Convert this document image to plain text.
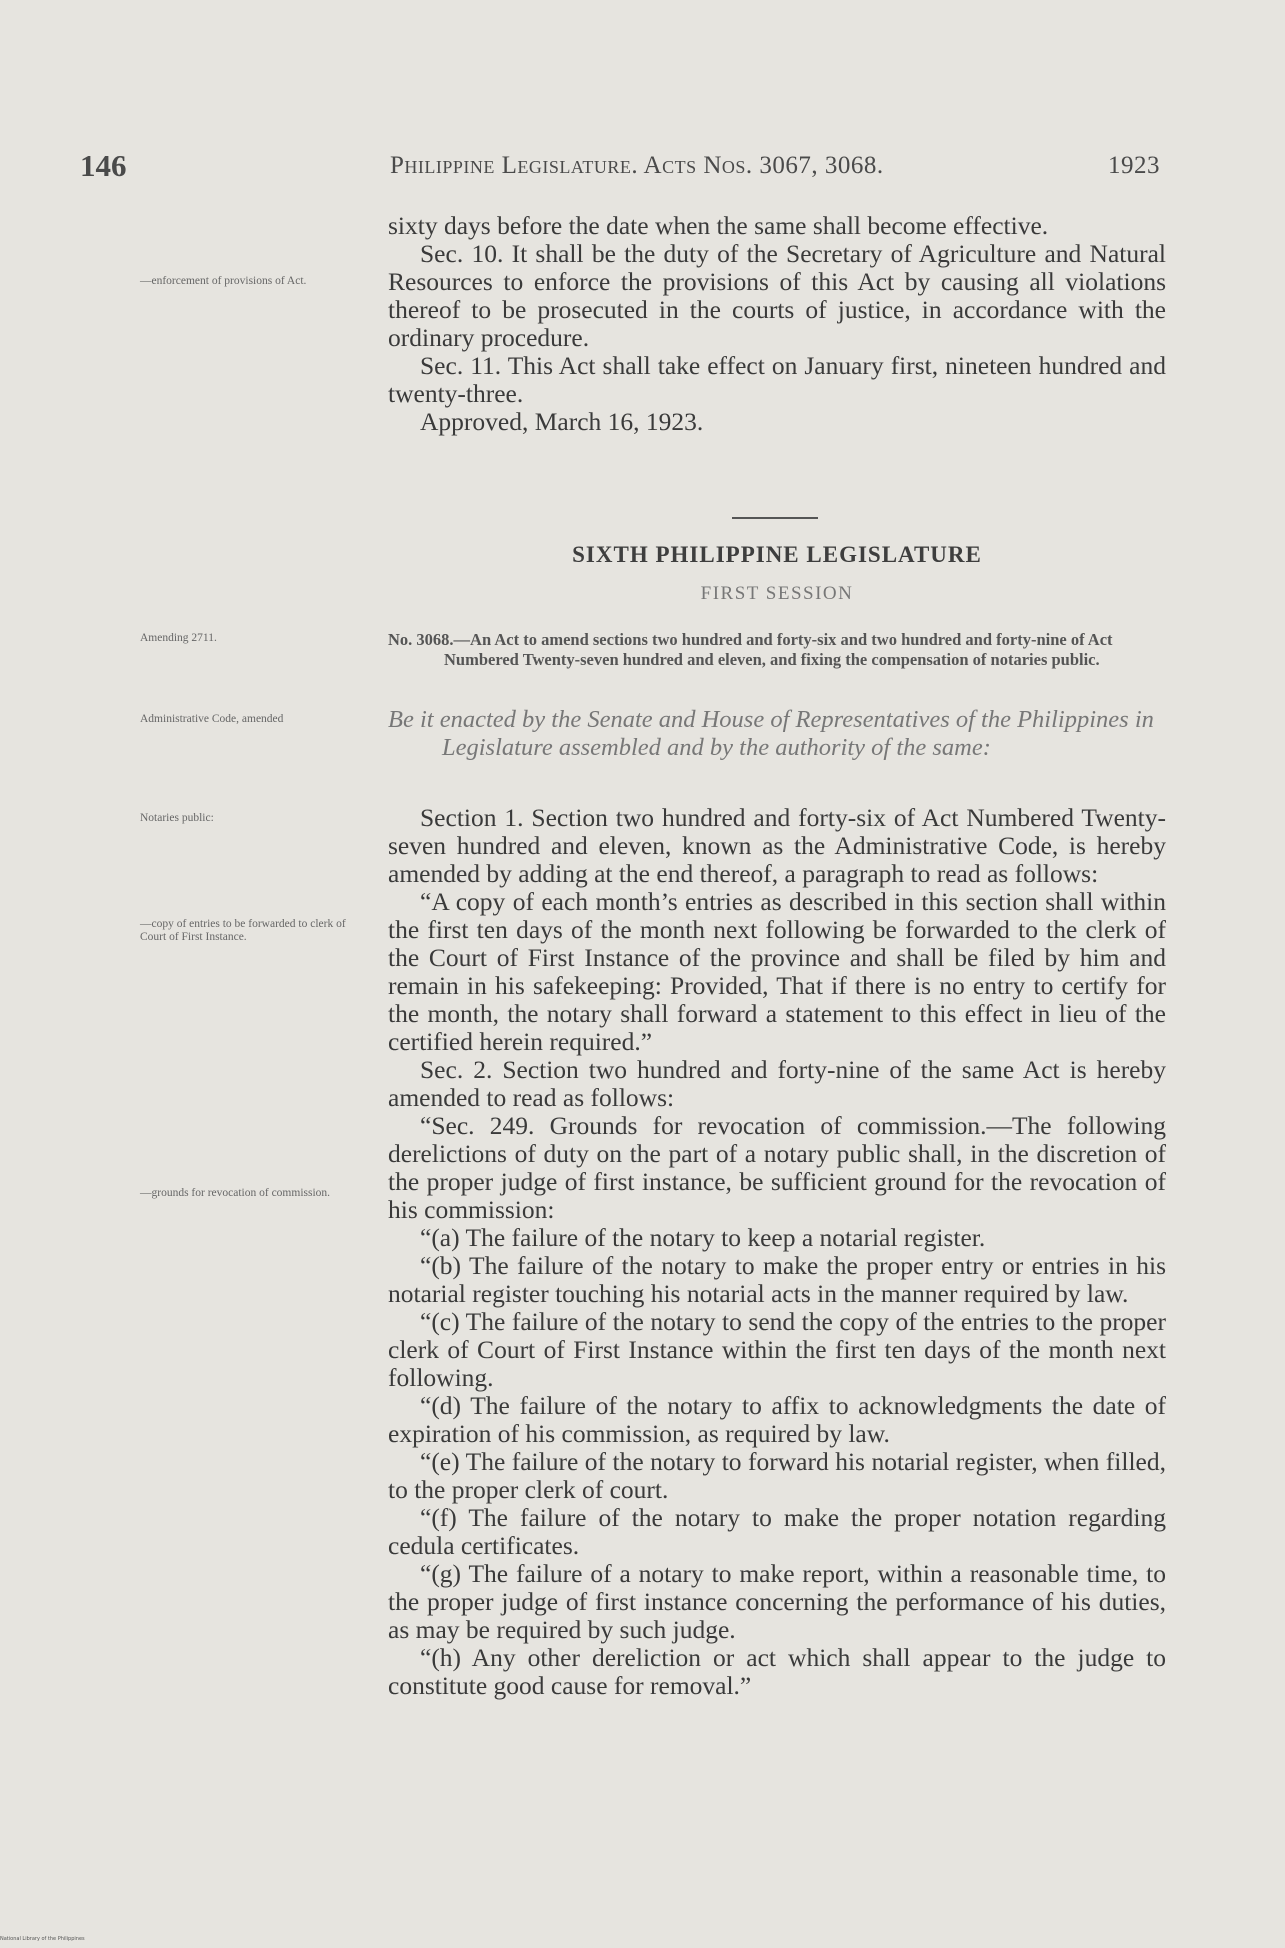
146	Philippine Legislature. Acts Nos. 3067, 3068.	1923

sixty days before the date when the same shall become effective.

Sec. 10. It shall be the duty of the Secretary of Agriculture and Natural Resources to enforce the provisions of this Act by causing all violations thereof to be prosecuted in the courts of justice, in accordance with the ordinary procedure.

Sec. 11. This Act shall take effect on January first, nineteen hundred and twenty-three.

Approved, March 16, 1923.

—enforcement of provisions of Act.
SIXTH PHILIPPINE LEGISLATURE
FIRST SESSION
Amending 2711.	No. 3068.—An Act to amend sections two hundred and forty-six and two hundred and forty-nine of Act Numbered Twenty-seven hundred and eleven, and fixing the compensation of notaries public.
Administrative Code, amended	Be it enacted by the Senate and House of Representatives of the Philippines in Legislature assembled and by the authority of the same:
Notaries public:
—copy of entries to be forwarded to clerk of Court of First Instance.
—grounds for revocation of commission.

Section 1. Section two hundred and forty-six of Act Numbered Twenty-seven hundred and eleven, known as the Administrative Code, is hereby amended by adding at the end thereof, a paragraph to read as follows:

“A copy of each month’s entries as described in this section shall within the first ten days of the month next following be forwarded to the clerk of the Court of First Instance of the province and shall be filed by him and remain in his safekeeping: Provided, That if there is no entry to certify for the month, the notary shall forward a statement to this effect in lieu of the certified herein required.”

Sec. 2. Section two hundred and forty-nine of the same Act is hereby amended to read as follows:

“Sec. 249. Grounds for revocation of commission.—The following derelictions of duty on the part of a notary public shall, in the discretion of the proper judge of first instance, be sufficient ground for the revocation of his commission:

“(a) The failure of the notary to keep a notarial register.

“(b) The failure of the notary to make the proper entry or entries in his notarial register touching his notarial acts in the manner required by law.

“(c) The failure of the notary to send the copy of the entries to the proper clerk of Court of First Instance within the first ten days of the month next following.

“(d) The failure of the notary to affix to acknowledgments the date of expiration of his commission, as required by law.

“(e) The failure of the notary to forward his notarial register, when filled, to the proper clerk of court.

“(f) The failure of the notary to make the proper notation regarding cedula certificates.

“(g) The failure of a notary to make report, within a reasonable time, to the proper judge of first instance concerning the performance of his duties, as may be required by such judge.

“(h) Any other dereliction or act which shall appear to the judge to constitute good cause for removal.”

National Library of the Philippines
